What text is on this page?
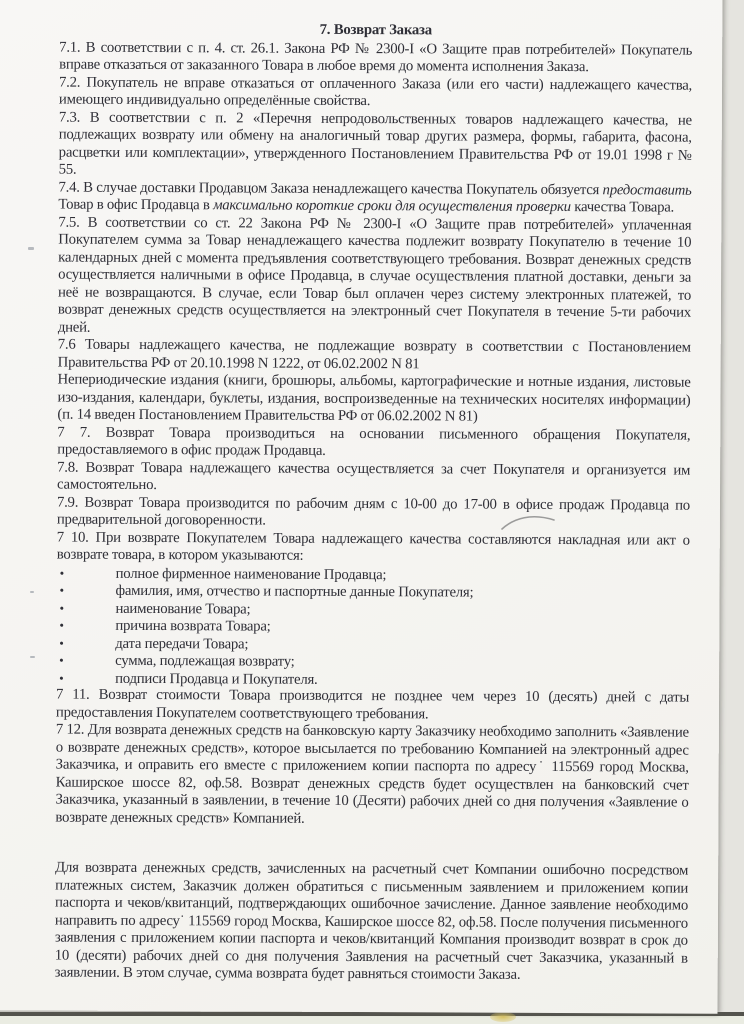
7. Возврат Заказа

7.1. В соответствии с п. 4. ст. 26.1. Закона РФ № 2300-I «О Защите прав потребителей» Покупатель вправе отказаться от заказанного Товара в любое время до момента исполнения Заказа.

7.2. Покупатель не вправе отказаться от оплаченного Заказа (или его части) надлежащего качества, имеющего индивидуально определённые свойства.

7.3. В соответствии с п. 2 «Перечня непродовольственных товаров надлежащего качества, не подлежащих возврату или обмену на аналогичный товар других размера, формы, габарита, фасона, расцветки или комплектации», утвержденного Постановлением Правительства РФ от 19.01 1998 г № 55.

7.4. В случае доставки Продавцом Заказа ненадлежащего качества Покупатель обязуется предоставить Товар в офис Продавца в максимально короткие сроки для осуществления проверки качества Товара.

7.5. В соответствии со ст. 22 Закона РФ № 2300-I «О Защите прав потребителей» уплаченная Покупателем сумма за Товар ненадлежащего качества подлежит возврату Покупателю в течение 10 календарных дней с момента предъявления соответствующего требования. Возврат денежных средств осуществляется наличными в офисе Продавца, в случае осуществления платной доставки, деньги за неё не возвращаются. В случае, если Товар был оплачен через систему электронных платежей, то возврат денежных средств осуществляется на электронный счет Покупателя в течение 5-ти рабочих дней.

7.6 Товары надлежащего качества, не подлежащие возврату в соответствии с Постановлением Правительства РФ от 20.10.1998 N 1222, от 06.02.2002 N 81

Непериодические издания (книги, брошюры, альбомы, картографические и нотные издания, листовые изо-издания, календари, буклеты, издания, воспроизведенные на технических носителях информации) (п. 14 введен Постановлением Правительства РФ от 06.02.2002 N 81)

7 7. Возврат Товара производиться на основании письменного обращения Покупателя, предоставляемого в офис продаж Продавца.

7.8. Возврат Товара надлежащего качества осуществляется за счет Покупателя и организуется им самостоятельно.

7.9. Возврат Товара производится по рабочим дням с 10-00 до 17-00 в офисе продаж Продавца по предварительной договоренности.

7 10. При возврате Покупателем Товара надлежащего качества составляются накладная или акт о возврате товара, в котором указываются:

•	полное фирменное наименование Продавца;
•	фамилия, имя, отчество и паспортные данные Покупателя;
•	наименование Товара;
•	причина возврата Товара;
•	дата передачи Товара;
•	сумма, подлежащая возврату;
•	подписи Продавца и Покупателя.

7 11. Возврат стоимости Товара производится не позднее чем через 10 (десять) дней с даты предоставления Покупателем соответствующего требования.

7 12. Для возврата денежных средств на банковскую карту Заказчику необходимо заполнить «Заявление о возврате денежных средств», которое высылается по требованию Компанией на электронный адрес Заказчика, и оправить его вместе с приложением копии паспорта по адресу˙ 115569 город Москва, Каширское шоссе 82, оф.58. Возврат денежных средств будет осуществлен на банковский счет Заказчика, указанный в заявлении, в течение 10 (Десяти) рабочих дней со дня получения «Заявление о возврате денежных средств» Компанией.

Для возврата денежных средств, зачисленных на расчетный счет Компании ошибочно посредством платежных систем, Заказчик должен обратиться с письменным заявлением и приложением копии паспорта и чеков/квитанций, подтверждающих ошибочное зачисление. Данное заявление необходимо направить по адресу˙ 115569 город Москва, Каширское шоссе 82, оф.58. После получения письменного заявления с приложением копии паспорта и чеков/квитанций Компания производит возврат в срок до 10 (десяти) рабочих дней со дня получения Заявления на расчетный счет Заказчика, указанный в заявлении. В этом случае, сумма возврата будет равняться стоимости Заказа.
